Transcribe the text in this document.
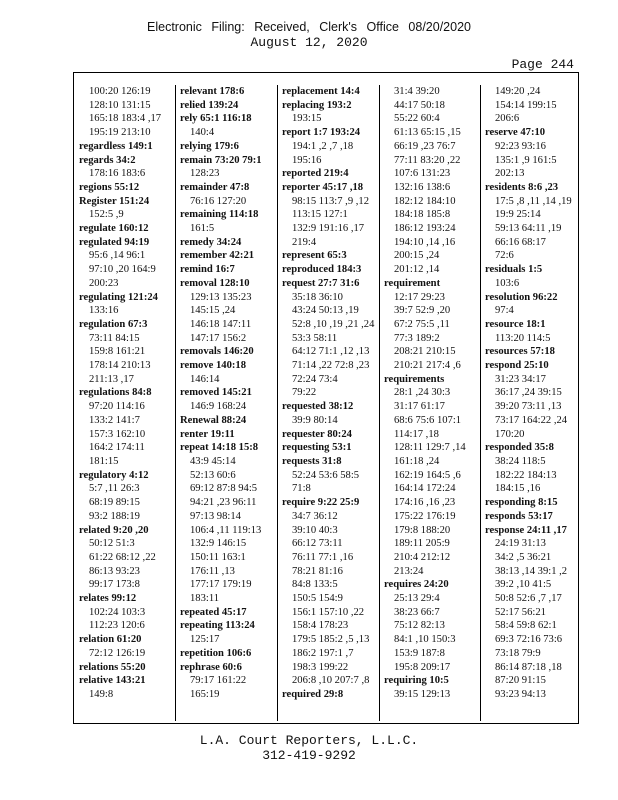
Electronic Filing: Received, Clerk's Office 08/20/2020
August 12, 2020
Page 244
100:20 126:19
128:10 131:15
165:18 183:4 ,17
195:19 213:10
regardless 149:1
regards 34:2
178:16 183:6
regions 55:12
Register 151:24
152:5 ,9
regulate 160:12
regulated 94:19
95:6 ,14 96:1
97:10 ,20 164:9
200:23
regulating 121:24
133:16
regulation 67:3
73:11 84:15
159:8 161:21
178:14 210:13
211:13 ,17
regulations 84:8
97:20 114:16
133:2 141:7
157:3 162:10
164:2 174:11
181:15
regulatory 4:12
5:7 ,11 26:3
68:19 89:15
93:2 188:19
related 9:20 ,20
50:12 51:3
61:22 68:12 ,22
86:13 93:23
99:17 173:8
relates 99:12
102:24 103:3
112:23 120:6
relation 61:20
72:12 126:19
relations 55:20
relative 143:21
149:8
relevant 178:6
relied 139:24
rely 65:1 116:18
140:4
relying 179:6
remain 73:20 79:1
128:23
remainder 47:8
76:16 127:20
remaining 114:18
161:5
remedy 34:24
remember 42:21
remind 16:7
removal 128:10
129:13 135:23
145:15 ,24
146:18 147:11
147:17 156:2
removals 146:20
remove 140:18
146:14
removed 145:21
146:9 168:24
Renewal 88:24
renter 19:11
repeat 14:18 15:8
43:9 45:14
52:13 60:6
69:12 87:8 94:5
94:21 ,23 96:11
97:13 98:14
106:4 ,11 119:13
132:9 146:15
150:11 163:1
176:11 ,13
177:17 179:19
183:11
repeated 45:17
repeating 113:24
125:17
repetition 106:6
rephrase 60:6
79:17 161:22
165:19
replacement 14:4
replacing 193:2
193:15
report 1:7 193:24
194:1 ,2 ,7 ,18
195:16
reported 219:4
reporter 45:17 ,18
98:15 113:7 ,9 ,12
113:15 127:1
132:9 191:16 ,17
219:4
represent 65:3
reproduced 184:3
request 27:7 31:6
35:18 36:10
43:24 50:13 ,19
52:8 ,10 ,19 ,21 ,24
53:3 58:11
64:12 71:1 ,12 ,13
71:14 ,22 72:8 ,23
72:24 73:4
79:22
requested 38:12
39:9 80:14
requester 80:24
requesting 53:1
requests 31:8
52:24 53:6 58:5
71:8
require 9:22 25:9
34:7 36:12
39:10 40:3
66:12 73:11
76:11 77:1 ,16
78:21 81:16
84:8 133:5
150:5 154:9
156:1 157:10 ,22
158:4 178:23
179:5 185:2 ,5 ,13
186:2 197:1 ,7
198:3 199:22
206:8 ,10 207:7 ,8
required 29:8
31:4 39:20
44:17 50:18
55:22 60:4
61:13 65:15 ,15
66:19 ,23 76:7
77:11 83:20 ,22
107:6 131:23
132:16 138:6
182:12 184:10
184:18 185:8
186:12 193:24
194:10 ,14 ,16
200:15 ,24
201:12 ,14
requirement
12:17 29:23
39:7 52:9 ,20
67:2 75:5 ,11
77:3 189:2
208:21 210:15
210:21 217:4 ,6
requirements
28:1 ,24 30:3
31:17 61:17
68:6 75:6 107:1
114:17 ,18
128:11 129:7 ,14
161:18 ,24
162:19 164:5 ,6
164:14 172:24
174:16 ,16 ,23
175:22 176:19
179:8 188:20
189:11 205:9
210:4 212:12
213:24
requires 24:20
25:13 29:4
38:23 66:7
75:12 82:13
84:1 ,10 150:3
153:9 187:8
195:8 209:17
requiring 10:5
39:15 129:13
149:20 ,24
154:14 199:15
206:6
reserve 47:10
92:23 93:16
135:1 ,9 161:5
202:13
residents 8:6 ,23
17:5 ,8 ,11 ,14 ,19
19:9 25:14
59:13 64:11 ,19
66:16 68:17
72:6
residuals 1:5
103:6
resolution 96:22
97:4
resource 18:1
113:20 114:5
resources 57:18
respond 25:10
31:23 34:17
36:17 ,24 39:15
39:20 73:11 ,13
73:17 164:22 ,24
170:20
responded 35:8
38:24 118:5
182:22 184:13
184:15 ,16
responding 8:15
responds 53:17
response 24:11 ,17
24:19 31:13
34:2 ,5 36:21
38:13 ,14 39:1 ,2
39:2 ,10 41:5
50:8 52:6 ,7 ,17
52:17 56:21
58:4 59:8 62:1
69:3 72:16 73:6
73:18 79:9
86:14 87:18 ,18
87:20 91:15
93:23 94:13
L.A. Court Reporters, L.L.C.
312-419-9292
